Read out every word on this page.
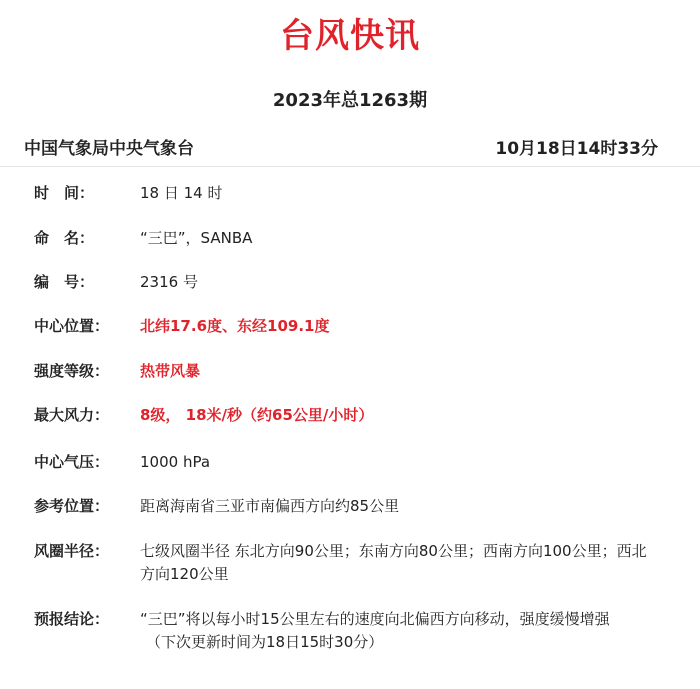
台风快讯
2023年总1263期
中国气象局中央气象台	10月18日14时33分
时　间：	18 日 14 时
命　名：	“三巴”，SANBA
编　号：	2316 号
中心位置： 北纬17.6度、东经109.1度
强度等级： 热带风暴
最大风力： 8级， 18米/秒（约65公里/小时）
中心气压： 1000 hPa
参考位置： 距离海南省三亚市南偏西方向约85公里
风圈半径： 七级风圈半径 东北方向90公里；东南方向80公里；西南方向100公里；西北方向120公里
预报结论： “三巴”将以每小时15公里左右的速度向北偏西方向移动，强度缓慢增强
（下次更新时间为18日15时30分）
